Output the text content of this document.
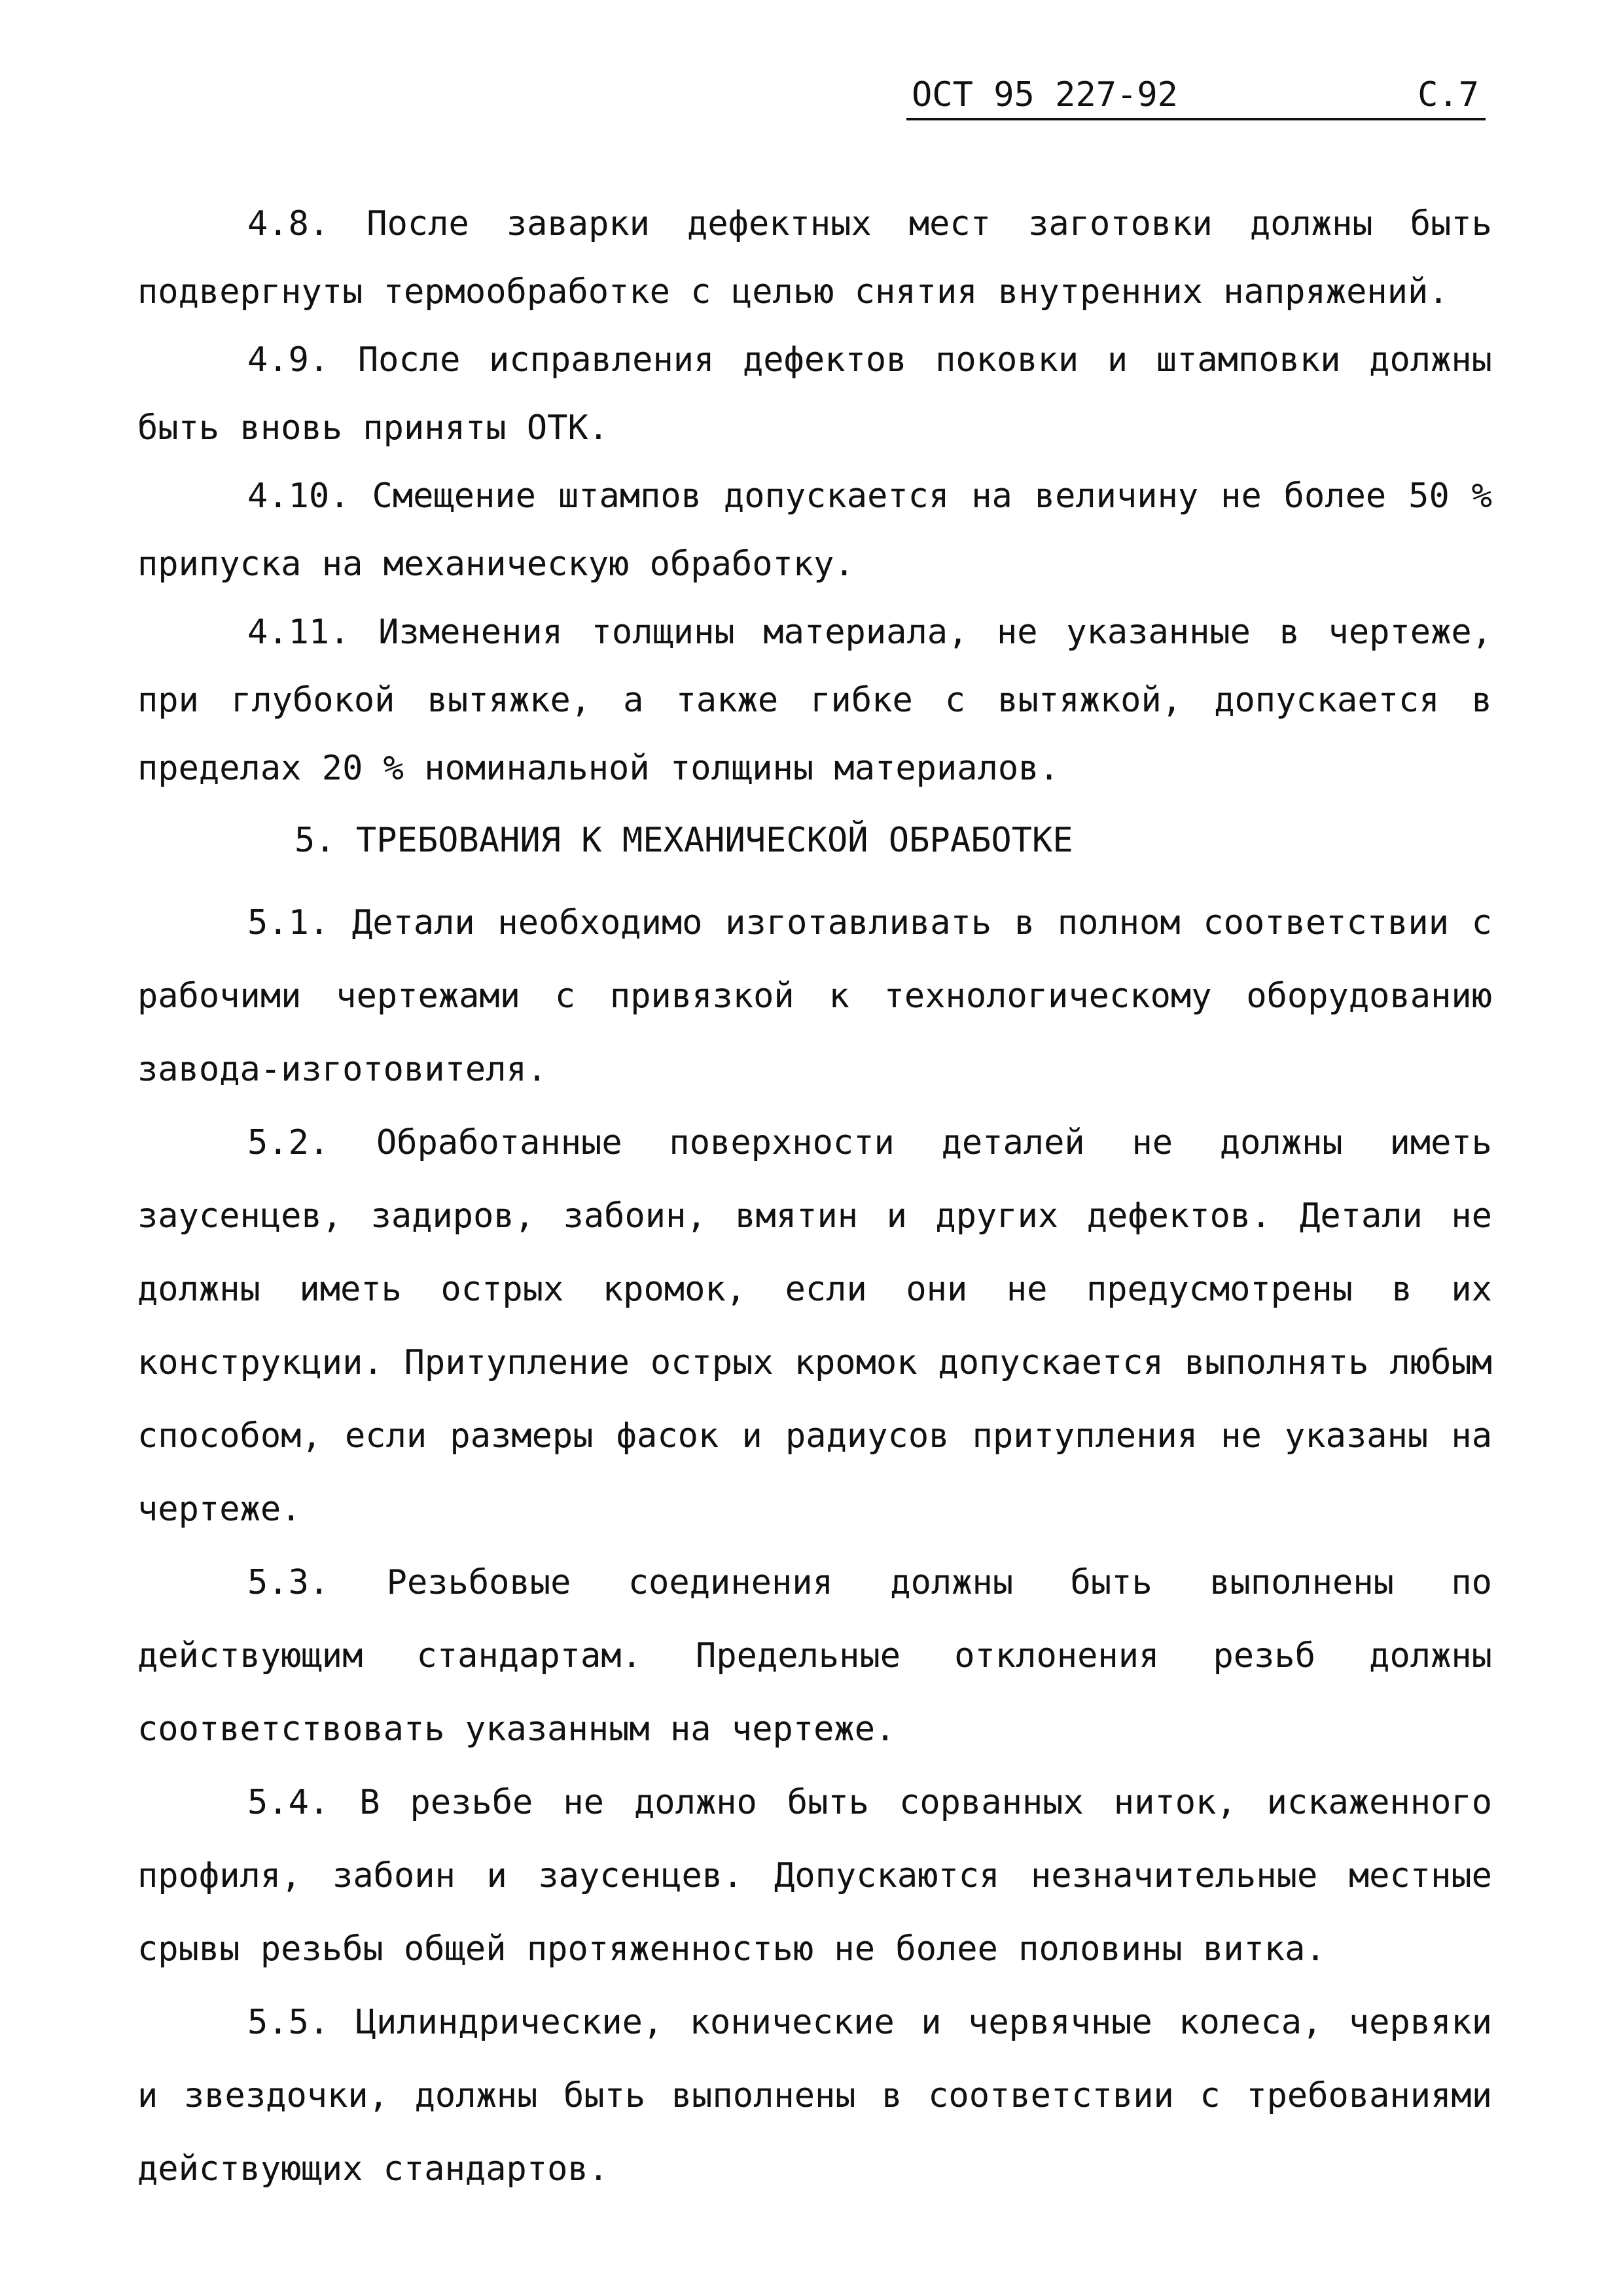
ОСТ 95 227-92	С.7

4.8. После заварки дефектных мест заготовки должны быть подвергнуты термообработке с целью снятия внутренних напряжений.

4.9. После исправления дефектов поковки и штамповки должны быть вновь приняты ОТК.

4.10. Смещение штампов допускается на величину не более 50 % припуска на механическую обработку.

4.11. Изменения толщины материала, не указанные в чертеже, при глубокой вытяжке, а также гибке с вытяжкой, допускается в пределах 20 % номинальной толщины материалов.

5. ТРЕБОВАНИЯ К МЕХАНИЧЕСКОЙ ОБРАБОТКЕ

5.1. Детали необходимо изготавливать в полном соответствии с рабочими чертежами с привязкой к технологическому оборудованию завода-изготовителя.

5.2. Обработанные поверхности деталей не должны иметь заусенцев, задиров, забоин, вмятин и других дефектов. Детали не должны иметь острых кромок, если они не предусмотрены в их конструкции. Притупление острых кромок допускается выполнять любым способом, если размеры фасок и радиусов притупления не указаны на чертеже.

5.3. Резьбовые соединения должны быть выполнены по действующим стандартам. Предельные отклонения резьб должны соответствовать указанным на чертеже.

5.4. В резьбе не должно быть сорванных ниток, искаженного профиля, забоин и заусенцев. Допускаются незначительные местные срывы резьбы общей протяженностью не более половины витка.

5.5. Цилиндрические, конические и червячные колеса, червяки и звездочки, должны быть выполнены в соответствии с требованиями действующих стандартов.
